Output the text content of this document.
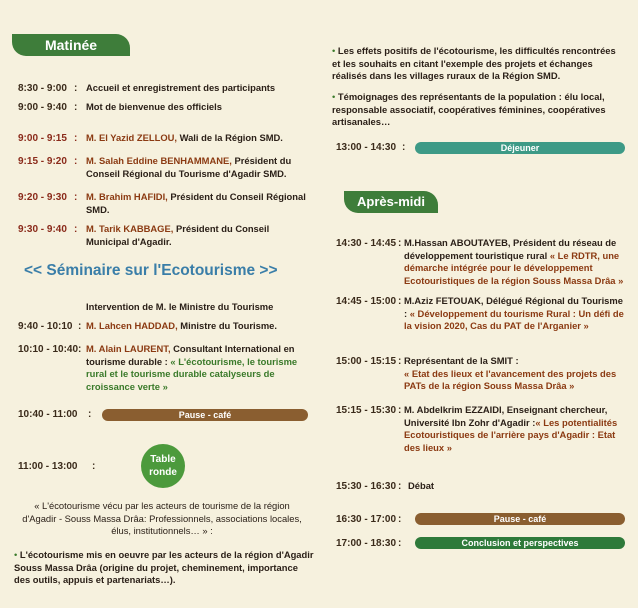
Matinée
8:30 - 9:00 : Accueil et enregistrement des participants
9:00 - 9:40 : Mot de bienvenue des officiels
9:00 - 9:15 : M. El Yazid ZELLOU, Wali de la Région SMD.
9:15 - 9:20 : M. Salah Eddine BENHAMMANE, Président du Conseil Régional du Tourisme d'Agadir SMD.
9:20 - 9:30 : M. Brahim HAFIDI, Président du Conseil Régional SMD.
9:30 - 9:40 : M. Tarik KABBAGE, Président du Conseil Municipal d'Agadir.
<< Séminaire sur l'Ecotourisme >>
Intervention de M. le Ministre du Tourisme
9:40 - 10:10 : M. Lahcen HADDAD, Ministre du Tourisme.
10:10 - 10:40 : M. Alain LAURENT, Consultant International en tourisme durable : « L'écotourisme, le tourisme rural et le tourisme durable catalyseurs de croissance verte »
10:40 - 11:00 :	Pause - café
11:00 - 13:00 :
Table ronde
« L'écotourisme vécu par les acteurs de tourisme de la région d'Agadir - Souss Massa Drâa: Professionnels, associations locales, élus, institutionnels… » :
• L'écotourisme mis en oeuvre par les acteurs de la région d'Agadir Souss Massa Drâa (origine du projet, cheminement, importance des outils, appuis et partenariats…).
• Les effets positifs de l'écotourisme, les difficultés rencontrées et les souhaits en citant l'exemple des projets et échanges réalisés dans les villages ruraux de la Région SMD.
• Témoignages des représentants de la population : élu local, responsable associatif, coopératives féminines, coopératives artisanales…
13:00 - 14:30 :	Déjeuner
Après-midi
14:30 - 14:45 : M.Hassan ABOUTAYEB, Président du réseau de développement touristique rural « Le RDTR, une démarche intégrée pour le développement Ecotouristiques de la région Souss Massa Drâa »
14:45 - 15:00 : M.Aziz FETOUAK, Délégué Régional du Tourisme : « Développement du tourisme Rural : Un défi de la vision 2020, Cas du PAT de l'Arganier »
15:00 - 15:15 : Représentant de la SMIT :
« Etat des lieux et l'avancement des projets des PATs de la région Souss Massa Drâa »
15:15 - 15:30 : M. Abdelkrim EZZAIDI, Enseignant chercheur, Université Ibn Zohr d'Agadir :« Les potentialités Ecotouristiques de l'arrière pays d'Agadir : Etat des lieux »
15:30 - 16:30 : Débat
16:30 - 17:00 :	Pause - café
17:00 - 18:30 :	Conclusion et perspectives
